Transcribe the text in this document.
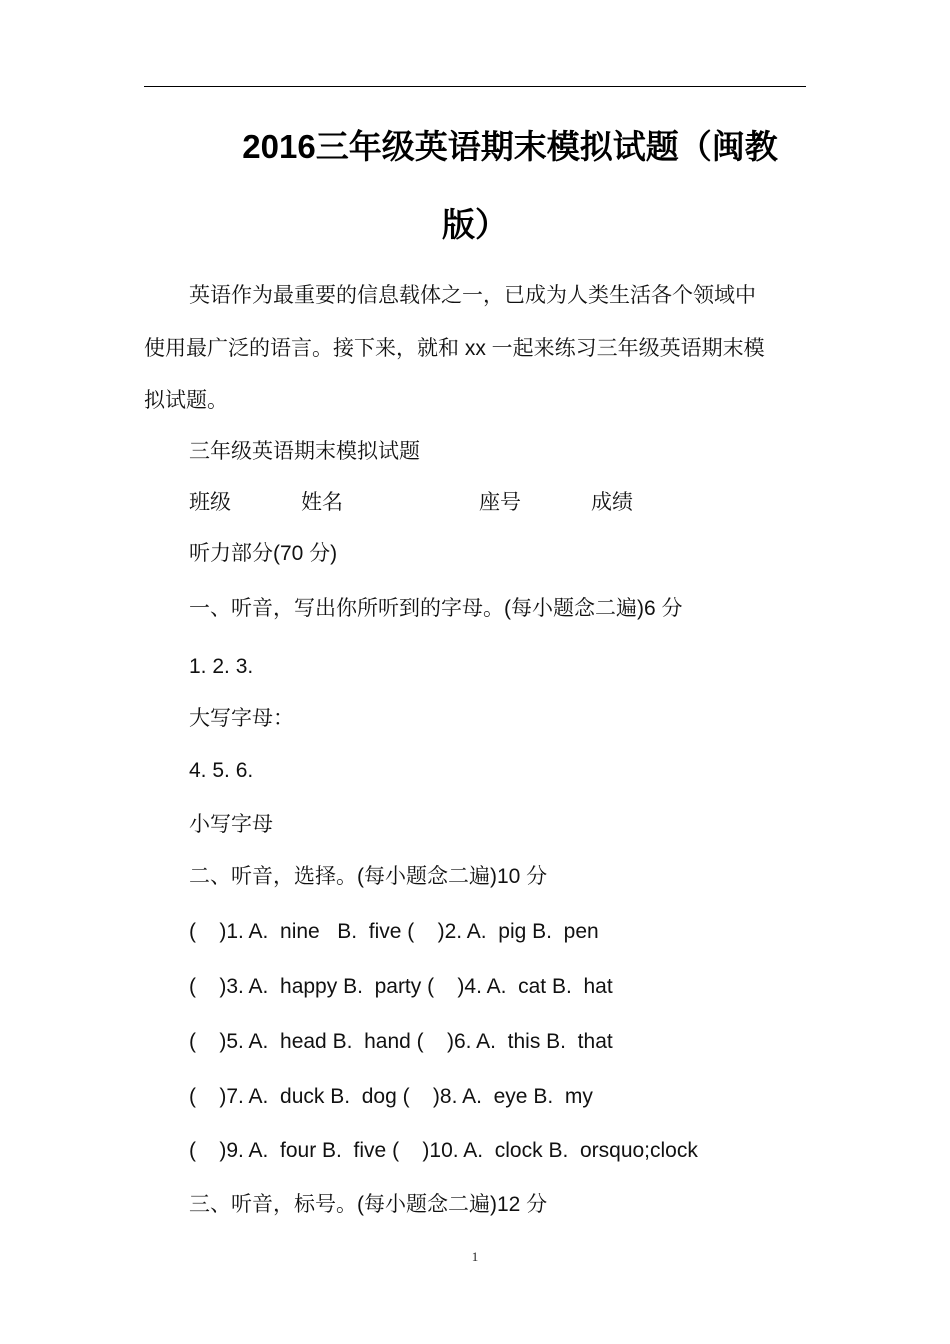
2016三年级英语期末模拟试题（闽教
版）
英语作为最重要的信息载体之一，已成为人类生活各个领域中
使用最广泛的语言。接下来，就和 xx 一起来练习三年级英语期末模
拟试题。
三年级英语期末模拟试题
班级	姓名	座号	成绩
听力部分(70 分)
一、听音，写出你所听到的字母。(每小题念二遍)6 分
1. 2. 3.
大写字母：
4. 5. 6.
小写字母
二、听音，选择。(每小题念二遍)10 分
(    )1. A.  nine   B.  five (    )2. A.  pig B.  pen
(    )3. A.  happy B.  party (    )4. A.  cat B.  hat
(    )5. A.  head B.  hand (    )6. A.  this B.  that
(    )7. A.  duck B.  dog (    )8. A.  eye B.  my
(    )9. A.  four B.  five (    )10. A.  clock B.  orsquo;clock
三、听音，标号。(每小题念二遍)12 分
1
